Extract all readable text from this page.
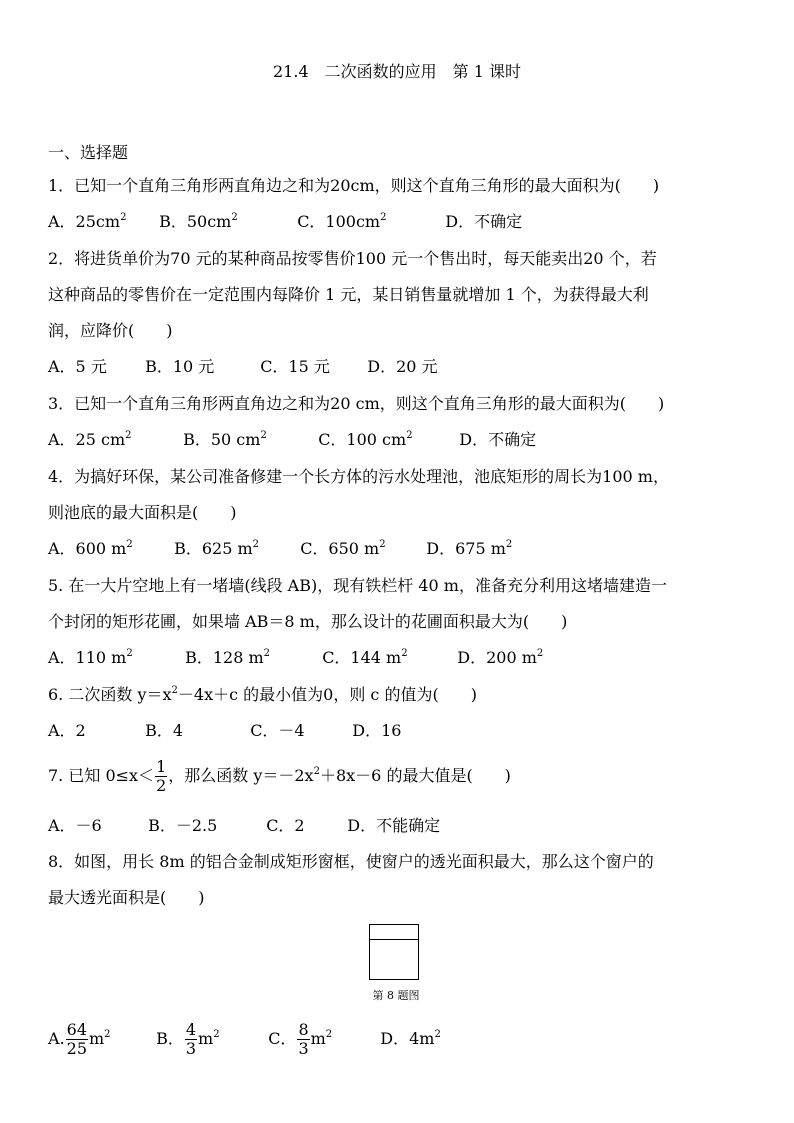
21.4　二次函数的应用　第 1 课时
一、选择题
1．已知一个直角三角形两直角边之和为20cm，则这个直角三角形的最大面积为(　　)
A．$25cm^2$ B．$50cm^2$	C．$100cm^2$	D．不确定
2．将进货单价为70 元的某种商品按零售价100 元一个售出时，每天能卖出20 个，若
这种商品的零售价在一定范围内每降价 1 元，某日销售量就增加 1 个，为获得最大利
润，应降价(　　)
A．5 元 B．10 元	C．15 元 D．20 元
3．已知一个直角三角形两直角边之和为20 cm，则这个直角三角形的最大面积为(　　)
A．25 $cm^2$	B．50 $cm^2$	C．100 $cm^2$	D．不确定
4．为搞好环保，某公司准备修建一个长方体的污水处理池，池底矩形的周长为100 m，
则池底的最大面积是(　　)
A．600 $m^2$	B．625 $m^2$	C．650 $m^2$	D．675 $m^2$
5. 在一大片空地上有一堵墙(线段 AB)，现有铁栏杆 40 m，准备充分利用这堵墙建造一
个封闭的矩形花圃，如果墙 AB＝8 m，那么设计的花圃面积最大为(　　)
A．110 $m^2$	B．128 $m^2$	C．144 $m^2$	D．200 $m^2$
6. 二次函数 $y=x^2-4x+c$ 的最小值为0，则 c 的值为(　　)
A．2	B．4	C．－4	D．16
7. 已知 $0\le x< \frac{1}{2}$ ，那么函数 $y=-2x^2+8x-6$ 的最大值是(　　)
A．－6	B．－2.5	C．2	D．不能确定
8．如图，用长 8m 的铝合金制成矩形窗框，使窗户的透光面积最大，那么这个窗户的
最大透光面积是(　　)
第 8 题图
A. $\frac{64}{25} m^2$	B． $\frac{4}{3} m^2$	C． $\frac{8}{3} m^2$	D．$4m^2$
